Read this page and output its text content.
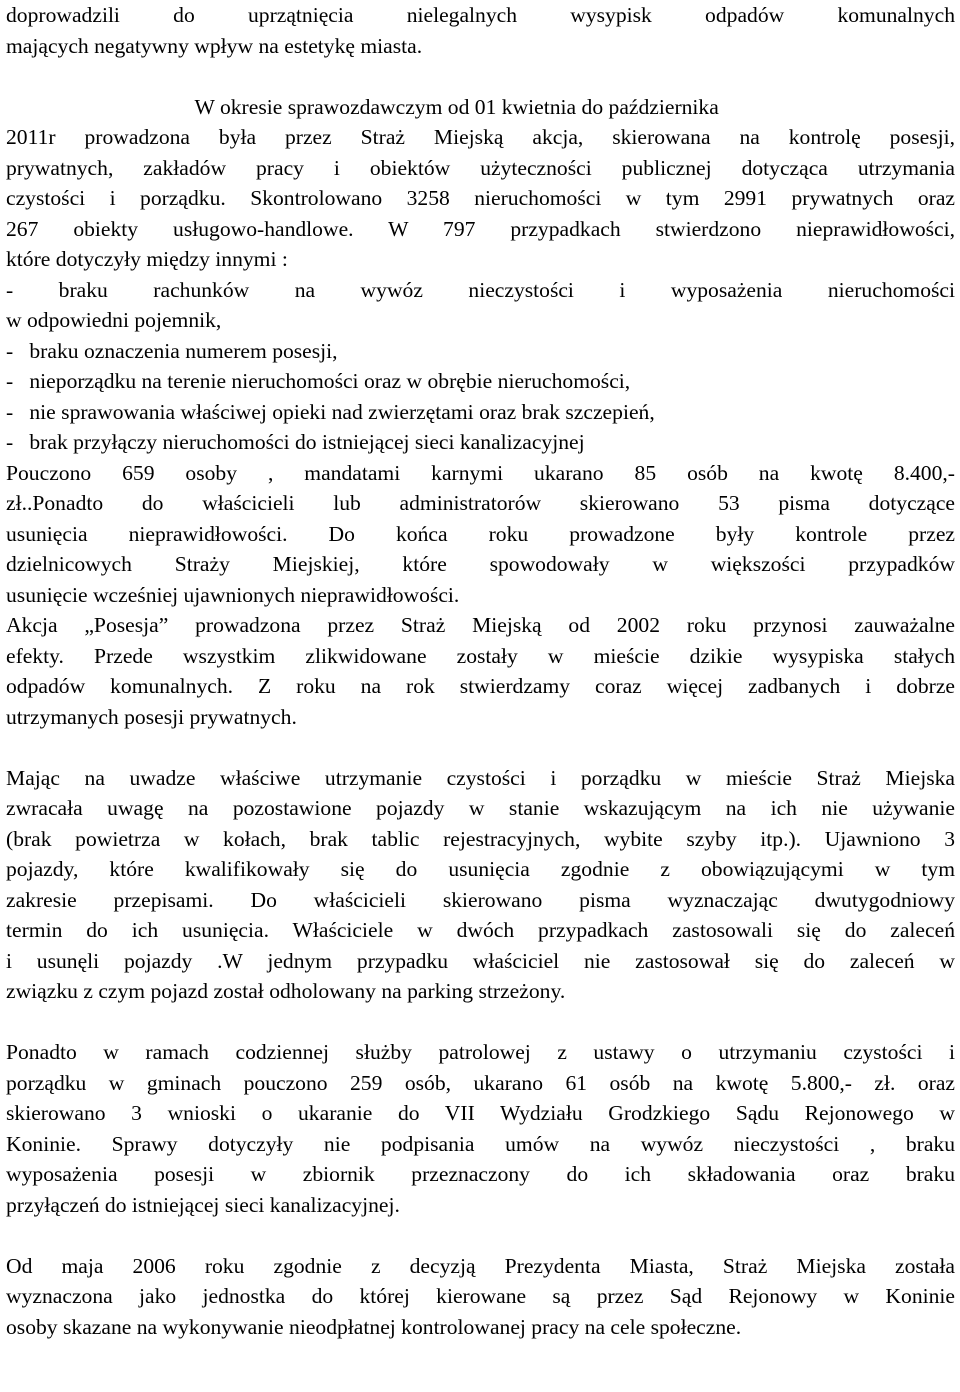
doprowadzili do uprzątnięcia nielegalnych wysypisk odpadów komunalnych
mających negatywny wpływ na estetykę miasta.
W okresie sprawozdawczym od 01 kwietnia do października
2011r prowadzona była przez Straż Miejską akcja, skierowana na kontrolę posesji,
prywatnych, zakładów pracy i obiektów użyteczności publicznej dotycząca utrzymania
czystości i porządku. Skontrolowano 3258 nieruchomości w tym 2991 prywatnych oraz
267 obiekty usługowo-handlowe. W 797 przypadkach stwierdzono nieprawidłowości,
które dotyczyły między innymi :
- braku rachunków na wywóz nieczystości i wyposażenia nieruchomości
w odpowiedni pojemnik,
-   braku oznaczenia numerem posesji,
-   nieporządku na terenie nieruchomości oraz w obrębie nieruchomości,
-   nie sprawowania właściwej opieki nad zwierzętami oraz brak szczepień,
-   brak przyłączy nieruchomości do istniejącej sieci kanalizacyjnej
Pouczono 659 osoby , mandatami karnymi ukarano 85 osób na kwotę 8.400,-
zł..Ponadto do właścicieli lub administratorów skierowano 53 pisma dotyczące
usunięcia nieprawidłowości. Do końca roku prowadzone były kontrole przez
dzielnicowych Straży Miejskiej, które spowodowały w większości przypadków
usunięcie wcześniej ujawnionych nieprawidłowości.
Akcja „Posesja” prowadzona przez Straż Miejską od 2002 roku przynosi zauważalne
efekty. Przede wszystkim zlikwidowane zostały w mieście dzikie wysypiska stałych
odpadów komunalnych. Z roku na rok stwierdzamy coraz więcej zadbanych i dobrze
utrzymanych posesji prywatnych.
Mając na uwadze właściwe utrzymanie czystości i porządku w mieście Straż Miejska
zwracała uwagę na pozostawione pojazdy w stanie wskazującym na ich nie używanie
(brak powietrza w kołach, brak tablic rejestracyjnych, wybite szyby itp.). Ujawniono 3
pojazdy, które kwalifikowały się do usunięcia zgodnie z obowiązującymi w tym
zakresie przepisami. Do właścicieli skierowano pisma wyznaczając dwutygodniowy
termin do ich usunięcia. Właściciele w dwóch przypadkach zastosowali się do zaleceń
i usunęli pojazdy .W jednym przypadku właściciel nie zastosował się do zaleceń w
związku z czym pojazd został odholowany na parking strzeżony.
Ponadto w ramach codziennej służby patrolowej z ustawy o utrzymaniu czystości i
porządku w gminach pouczono 259 osób, ukarano 61 osób na kwotę 5.800,- zł. oraz
skierowano 3 wnioski o ukaranie do VII Wydziału Grodzkiego Sądu Rejonowego w
Koninie. Sprawy dotyczyły nie podpisania umów na wywóz nieczystości , braku
wyposażenia posesji w zbiornik przeznaczony do ich składowania oraz braku
przyłączeń do istniejącej sieci kanalizacyjnej.
Od maja 2006 roku zgodnie z decyzją Prezydenta Miasta, Straż Miejska została
wyznaczona jako jednostka do której kierowane są przez Sąd Rejonowy w Koninie
osoby skazane na wykonywanie nieodpłatnej kontrolowanej pracy na cele społeczne.
